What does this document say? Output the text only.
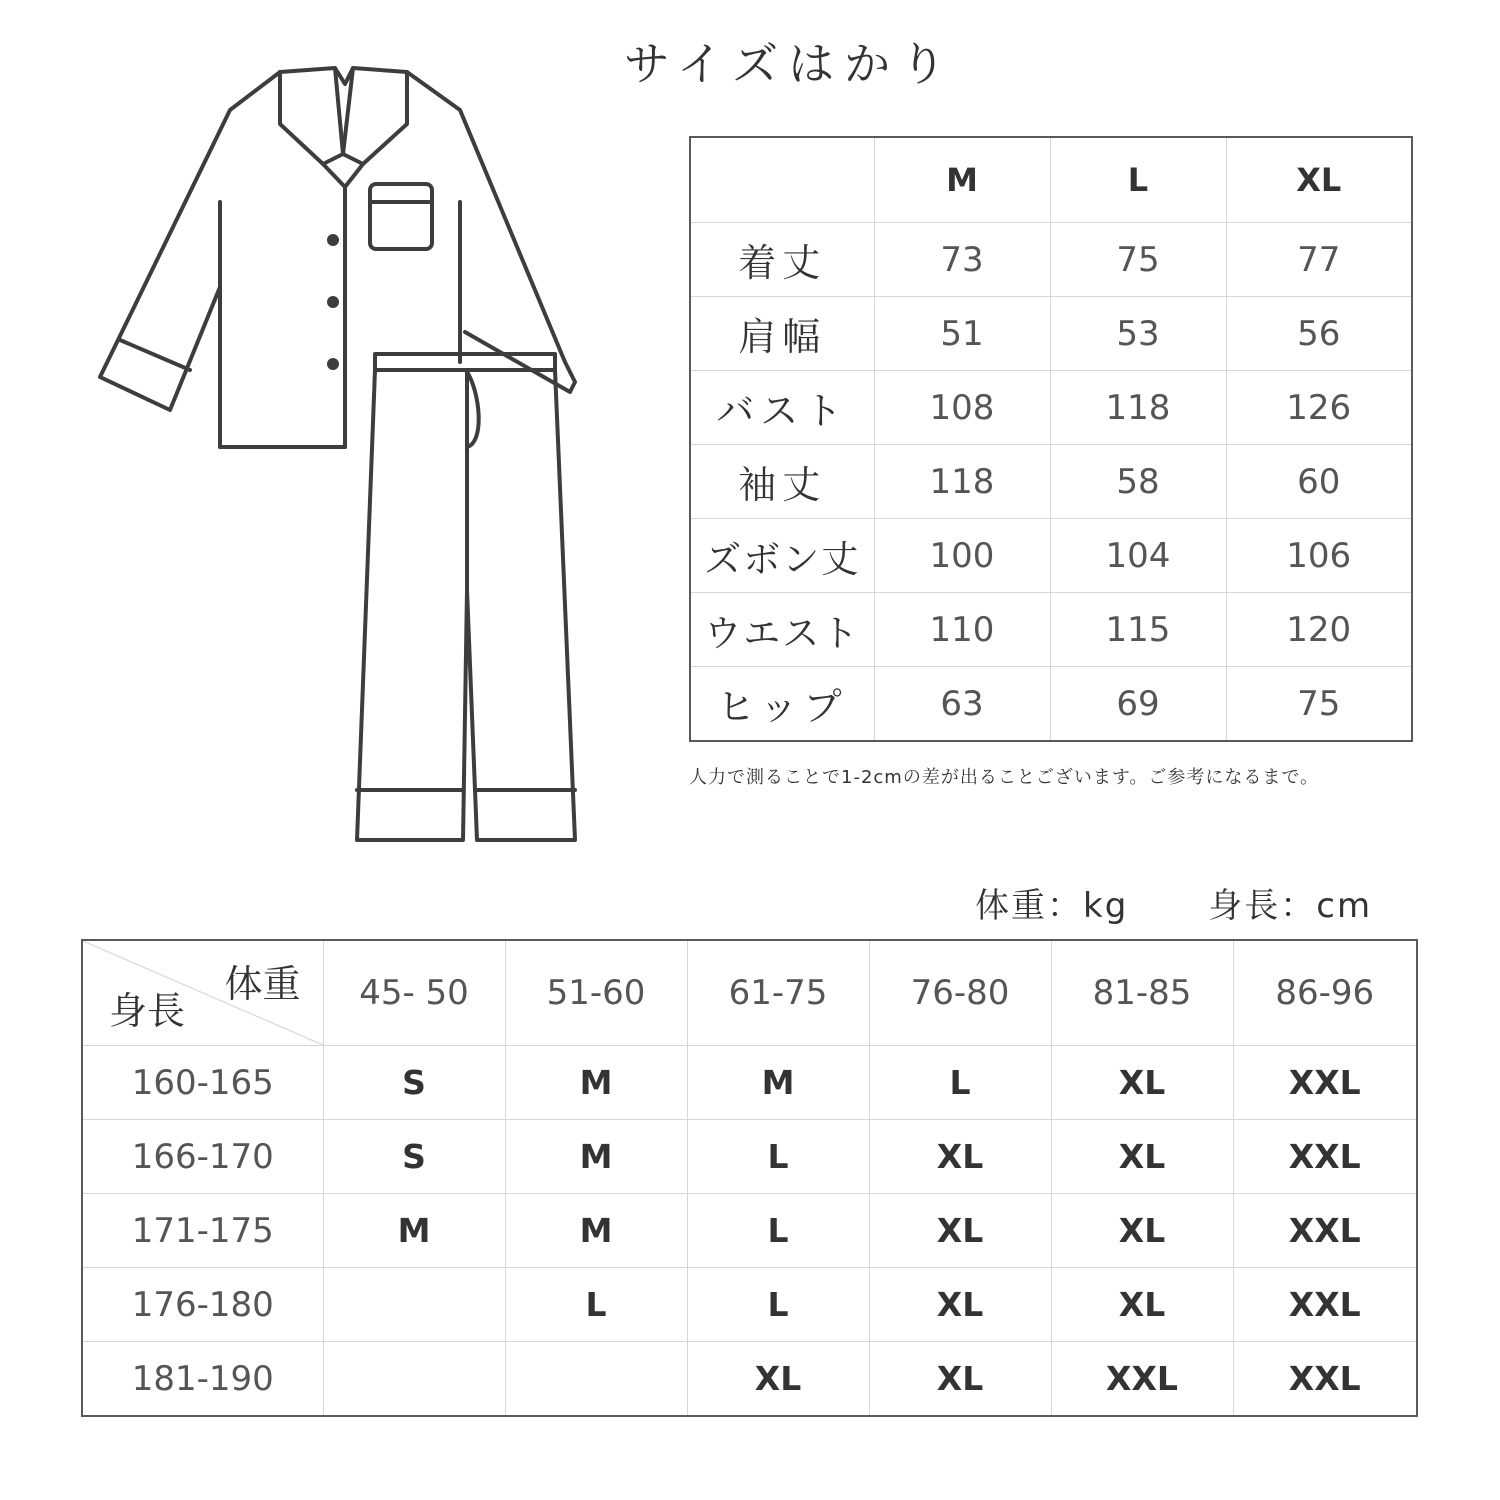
サイズはかり
	M	L	XL
着丈	73	75	77
肩幅	51	53	56
バスト	108	118	126
袖丈	118	58	60
ズボン丈	100	104	106
ウエスト	110	115	120
ヒップ	63	69	75
人力で測ることで1-2cmの差が出ることございます。ご参考になるまで。
体重：kg 身長：cm
体重
身長	45- 50	51-60	61-75	76-80	81-85	86-96
160-165	S	M	M	L	XL	XXL
166-170	S	M	L	XL	XL	XXL
171-175	M	M	L	XL	XL	XXL
176-180		L	L	XL	XL	XXL
181-190			XL	XL	XXL	XXL
